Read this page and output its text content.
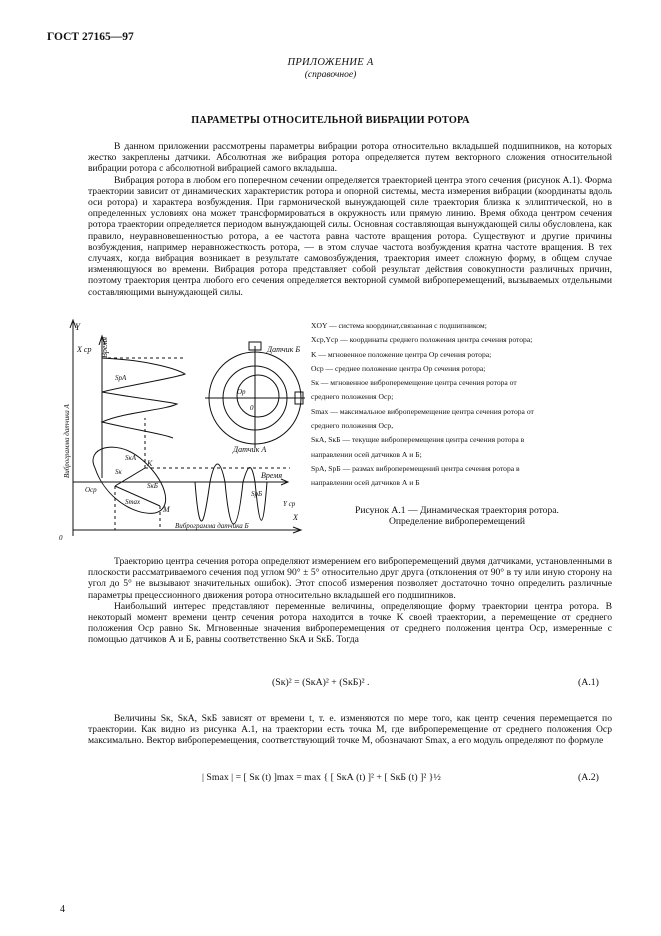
ГОСТ 27165—97
ПРИЛОЖЕНИЕ А
(справочное)
ПАРАМЕТРЫ ОТНОСИТЕЛЬНОЙ ВИБРАЦИИ РОТОРА

В данном приложении рассмотрены параметры вибрации ротора относительно вкладышей подшипников, на которых жестко закреплены датчики. Абсолютная же вибрация ротора определяется путем векторного сложения относительной вибрации ротора с абсолютной вибрацией самого вкладыша.

Вибрация ротора в любом его поперечном сечении определяется траекторией центра этого сечения (рисунок А.1). Форма траектории зависит от динамических характеристик ротора и опорной системы, места измерения вибрации (координаты вдоль оси ротора) и характера возбуждения. При гармонической вынуждающей силе траектория близка к эллиптической, но в определенных условиях она может трансформироваться в окружность или прямую линию. Время обхода центром сечения ротора траектории определяется периодом вынуждающей силы. Основная составляющая вынуждающей силы обусловлена, как правило, неуравновешенностью ротора, а ее частота равна частоте вращения ротора. Существуют и другие причины возбуждения, например неравножесткость ротора, — в этом случае частота возбуждения кратна частоте вращения. В тех случаях, когда вибрация возникает в результате самовозбуждения, траектория имеет сложную форму, в общем случае изменяющуюся во времени. Вибрация ротора представляет собой результат действия совокупности различных причин, поэтому траектория центра любого его сечения определяется векторной суммой виброперемещений, вызываемых отдельными составляющими вынуждающей силы.

Y
Время
X ср
Виброграмма датчика А
Виброграмма датчика Б
Время
X
Y ср
0
Датчик А
Датчик Б
Ор
0
K
M
Оср
Sк
SкА
SкБ
Smax
SрА
SрБ
XOY — система координат,связанная с подшипником;
Xср,Yср — координаты среднего положения центра сечения ротора;
K — мгновенное положение центра Ор сечения ротора;
Оср — среднее положение центра Ор сечения ротора;
Sк — мгновенное виброперемещение центра сечения ротора от
среднего положения Оср;
Smax — максимальное виброперемещение центра сечения ротора от
среднего положения Оср,
SкА, SкБ — текущие виброперемещения центра сечения ротора в
направлении осей датчиков А и Б;
SрА, SрБ — размах виброперемещений центра сечения ротора в
направлении осей датчиков А и Б
Рисунок А.1 — Динамическая траектория ротора.
Определение виброперемещений

Траекторию центра сечения ротора определяют измерением его виброперемещений двумя датчиками, установленными в плоскости рассматриваемого сечения под углом 90° ± 5° относительно друг друга (отклонения от 90° в ту или иную сторону на угол до 5° не вызывают значительных ошибок). Этот способ измерения позволяет достаточно точно определить различные параметры прецессионного движения ротора относительно вкладышей его подшипников.

Наибольший интерес представляют переменные величины, определяющие форму траектории центра ротора. В некоторый момент времени центр сечения ротора находится в точке K своей траектории, а перемещение от среднего положения Оср равно Sк. Мгновенные значения виброперемещения от среднего положения центра Оср, измеренные с помощью датчиков А и Б, равны соответственно SкА и SкБ. Тогда

(Sк)² = (SкА)² + (SкБ)² .	(А.1)

Величины Sк, SкА, SкБ зависят от времени t, т. е. изменяются по мере того, как центр сечения перемещается по траектории. Как видно из рисунка А.1, на траектории есть точка M, где виброперемещение от среднего положения Оср максимально. Вектор виброперемещения, соответствующий точке M, обозначают Smax, а его модуль определяют по формуле

| Smax | = [ Sк (t) ]max = max { [ SкА (t) ]² + [ SкБ (t) ]² }½	(А.2)
4
